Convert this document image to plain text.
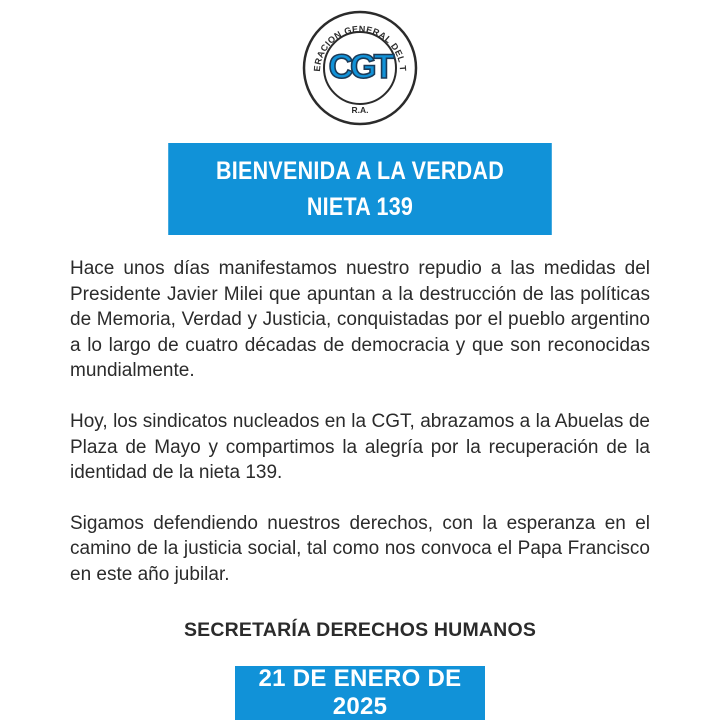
ERACION GENERAL DEL T
CGT
R.A.
BIENVENIDA A LA VERDAD
NIETA 139

Hace unos días manifestamos nuestro repudio a las medidas del Presidente Javier Milei que apuntan a la destrucción de las políticas de Memoria, Verdad y Justicia, conquistadas por el pueblo argentino a lo largo de cuatro décadas de democracia y que son reconocidas mundialmente.

Hoy, los sindicatos nucleados en la CGT, abrazamos a la Abuelas de Plaza de Mayo y compartimos la alegría por la recuperación de la identidad de la nieta 139.

Sigamos defendiendo nuestros derechos, con la esperanza en el camino de la justicia social, tal como nos convoca el Papa Francisco en este año jubilar.

SECRETARÍA DERECHOS HUMANOS
21 DE ENERO DE 2025
